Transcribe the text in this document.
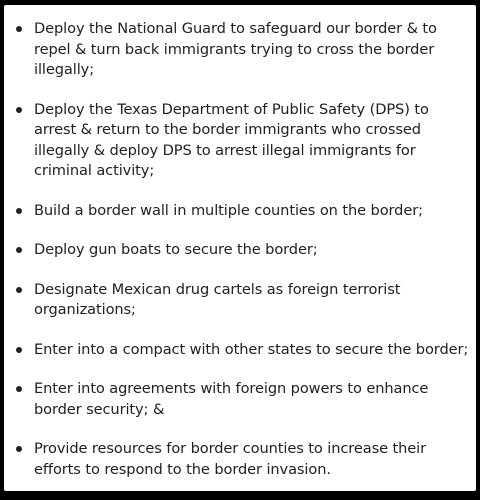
Deploy the National Guard to safeguard our border & to repel & turn back immigrants trying to cross the border illegally;
Deploy the Texas Department of Public Safety (DPS) to arrest & return to the border immigrants who crossed illegally & deploy DPS to arrest illegal immigrants for criminal activity;
Build a border wall in multiple counties on the border;
Deploy gun boats to secure the border;
Designate Mexican drug cartels as foreign terrorist organizations;
Enter into a compact with other states to secure the border;
Enter into agreements with foreign powers to enhance border security; &
Provide resources for border counties to increase their efforts to respond to the border invasion.
